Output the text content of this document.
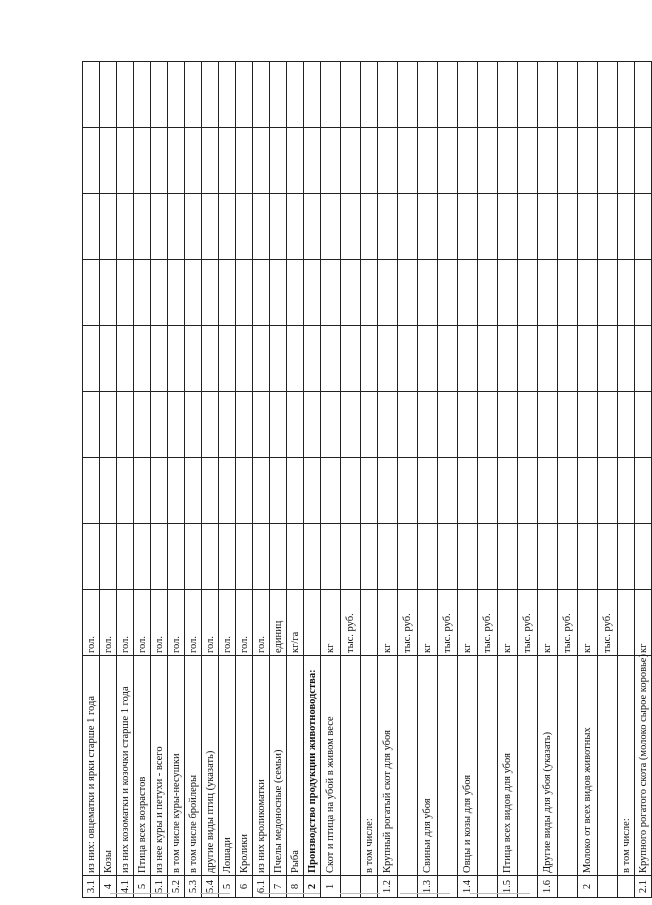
3.1	из них: овцематки и ярки старше 1 года	гол.								
4	Козы	гол.								
4.1	из них козоматки и козочки старше 1 года	гол.								
5	Птица всех возрастов	гол.								
5.1	из нее куры и петухи - всего	гол.								
5.2	в том числе куры-несушки	гол.								
5.3	в том числе бройлеры	гол.								
5.4	другие виды птиц (указать)	гол.								
5	Лошади	гол.								
6	Кролики	гол.								
6.1	из них кроликоматки	гол.								
7	Пчелы медоносные (семьи)	единиц								
8	Рыба	кг/га								
2	Производство продукции животноводства:									
1	Скот и птица на убой в живом весе	кг								
		тыс. руб.								
	в том числе:									
1.2	Крупный рогатый скот для убоя	кг								
		тыс. руб.								
1.3	Свиньи для убоя	кг								
		тыс. руб.								
1.4	Овцы и козы для убоя	кг								
		тыс. руб.								
1.5	Птица всех видов для убоя	кг								
		тыс. руб.								
1.6	Другие виды для убоя (указать)	кг								
		тыс. руб.								
2	Молоко от всех видов животных	кг								
		тыс. руб.								
	в том числе:									
2.1	Крупного рогатого скота (молоко сырое коровье)	кг								
